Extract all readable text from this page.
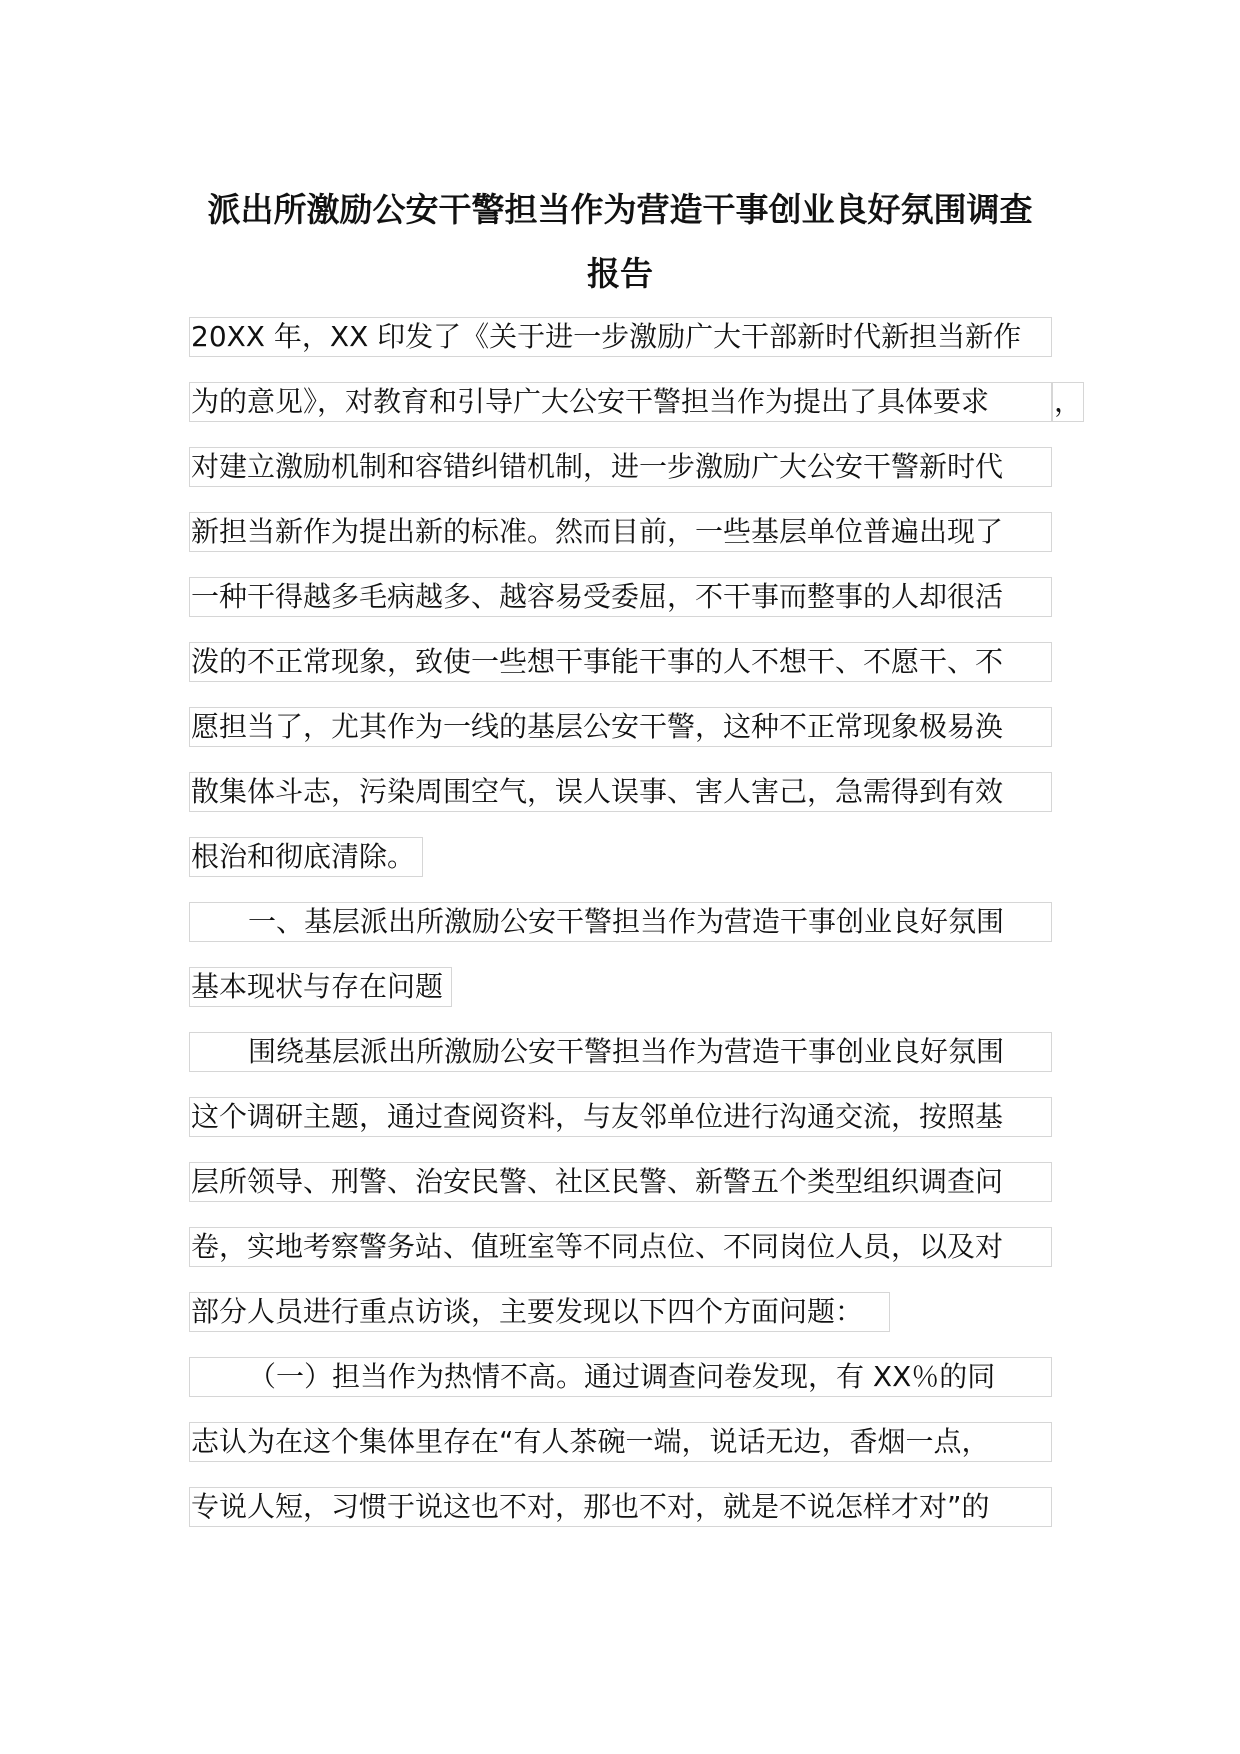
派出所激励公安干警担当作为营造干事创业良好氛围调查
报告
20XX 年，XX 印发了《关于进一步激励广大干部新时代新担当新作
为的意见》，对教育和引导广大公安干警担当作为提出了具体要求	，
对建立激励机制和容错纠错机制，进一步激励广大公安干警新时代
新担当新作为提出新的标准。然而目前，一些基层单位普遍出现了
一种干得越多毛病越多、越容易受委屈，不干事而整事的人却很活
泼的不正常现象，致使一些想干事能干事的人不想干、不愿干、不
愿担当了，尤其作为一线的基层公安干警，这种不正常现象极易涣
散集体斗志，污染周围空气，误人误事、害人害己，急需得到有效
根治和彻底清除。
一、基层派出所激励公安干警担当作为营造干事创业良好氛围
基本现状与存在问题
围绕基层派出所激励公安干警担当作为营造干事创业良好氛围
这个调研主题，通过查阅资料，与友邻单位进行沟通交流，按照基
层所领导、刑警、治安民警、社区民警、新警五个类型组织调查问
卷，实地考察警务站、值班室等不同点位、不同岗位人员，以及对
部分人员进行重点访谈，主要发现以下四个方面问题：
（一）担当作为热情不高。通过调查问卷发现，有 XX％的同
志认为在这个集体里存在“有人茶碗一端，说话无边，香烟一点，
专说人短，习惯于说这也不对，那也不对，就是不说怎样才对”的
